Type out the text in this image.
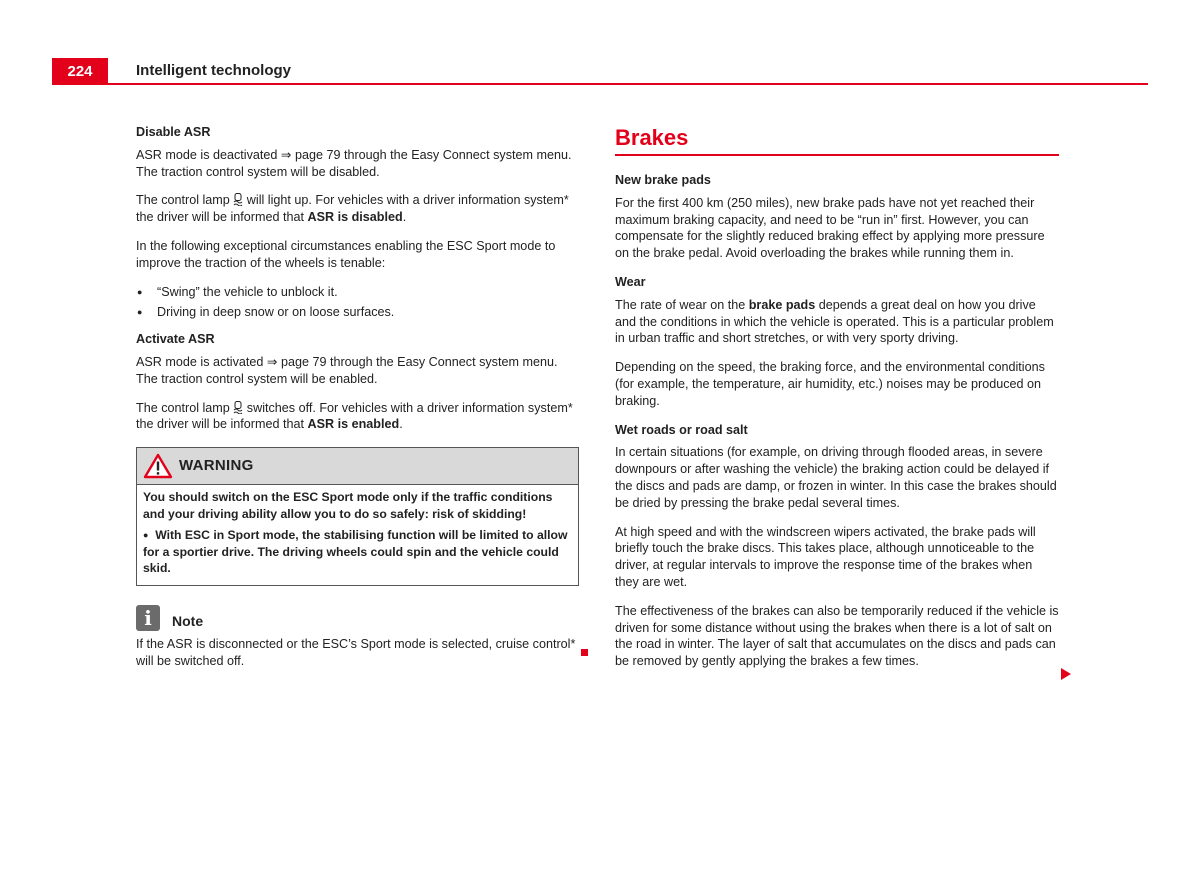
224	Intelligent technology
Disable ASR

ASR mode is deactivated ⇒ page 79 through the Easy Connect system menu. The traction control system will be disabled.

The control lamp  will light up. For vehicles with a driver information system* the driver will be informed that ASR is disabled.

In the following exceptional circumstances enabling the ESC Sport mode to improve the traction of the wheels is tenable:

● “Swing” the vehicle to unblock it.
● Driving in deep snow or on loose surfaces.
Activate ASR

ASR mode is activated ⇒ page 79 through the Easy Connect system menu. The traction control system will be enabled.

The control lamp  switches off. For vehicles with a driver information system* the driver will be informed that ASR is enabled.

WARNING

You should switch on the ESC Sport mode only if the traffic conditions and your driving ability allow you to do so safely: risk of skidding!

● With ESC in Sport mode, the stabilising function will be limited to allow for a sportier drive. The driving wheels could spin and the vehicle could skid.

i	Note

If the ASR is disconnected or the ESC’s Sport mode is selected, cruise control* will be switched off.

Brakes
New brake pads

For the first 400 km (250 miles), new brake pads have not yet reached their maximum braking capacity, and need to be “run in” first. However, you can compensate for the slightly reduced braking effect by applying more pressure on the brake pedal. Avoid overloading the brakes while running them in.

Wear

The rate of wear on the brake pads depends a great deal on how you drive and the conditions in which the vehicle is operated. This is a particular problem in urban traffic and short stretches, or with very sporty driving.

Depending on the speed, the braking force, and the environmental conditions (for example, the temperature, air humidity, etc.) noises may be produced on braking.

Wet roads or road salt

In certain situations (for example, on driving through flooded areas, in severe downpours or after washing the vehicle) the braking action could be delayed if the discs and pads are damp, or frozen in winter. In this case the brakes should be dried by pressing the brake pedal several times.

At high speed and with the windscreen wipers activated, the brake pads will briefly touch the brake discs. This takes place, although unnoticeable to the driver, at regular intervals to improve the response time of the brakes when they are wet.

The effectiveness of the brakes can also be temporarily reduced if the vehicle is driven for some distance without using the brakes when there is a lot of salt on the road in winter. The layer of salt that accumulates on the discs and pads can be removed by gently applying the brakes a few times.
